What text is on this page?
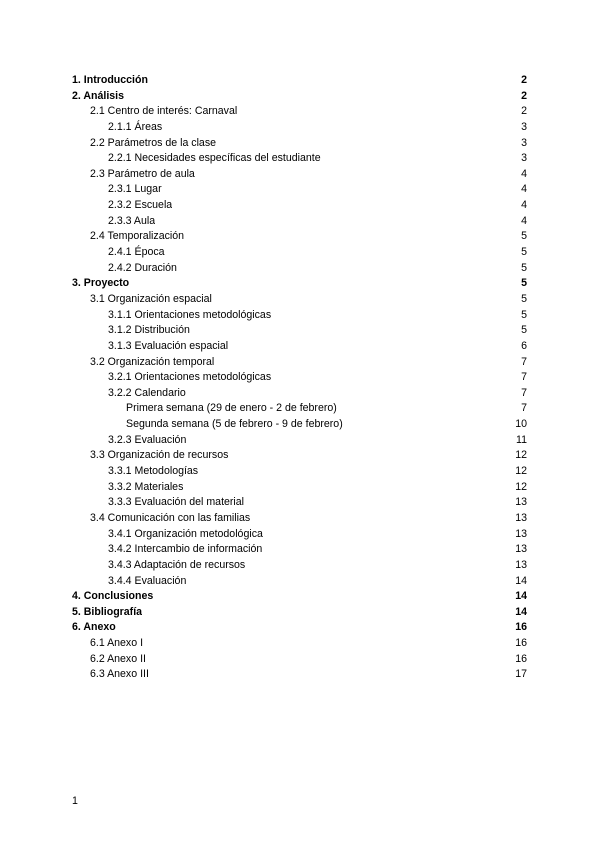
1. Introducción	2
2. Análisis	2
2.1 Centro de interés: Carnaval	2
2.1.1 Áreas	3
2.2 Parámetros de la clase	3
2.2.1 Necesidades específicas del estudiante	3
2.3 Parámetro de aula	4
2.3.1 Lugar	4
2.3.2 Escuela	4
2.3.3 Aula	4
2.4 Temporalización	5
2.4.1 Época	5
2.4.2 Duración	5
3. Proyecto	5
3.1 Organización espacial	5
3.1.1 Orientaciones metodológicas	5
3.1.2 Distribución	5
3.1.3 Evaluación espacial	6
3.2 Organización temporal	7
3.2.1 Orientaciones metodológicas	7
3.2.2 Calendario	7
Primera semana (29 de enero - 2 de febrero)	7
Segunda semana (5 de febrero - 9 de febrero)	10
3.2.3 Evaluación	11
3.3 Organización de recursos	12
3.3.1 Metodologías	12
3.3.2 Materiales	12
3.3.3 Evaluación del material	13
3.4 Comunicación con las familias	13
3.4.1 Organización metodológica	13
3.4.2 Intercambio de información	13
3.4.3 Adaptación de recursos	13
3.4.4 Evaluación	14
4. Conclusiones	14
5. Bibliografía	14
6. Anexo	16
6.1 Anexo I	16
6.2 Anexo II	16
6.3 Anexo III	17
1
